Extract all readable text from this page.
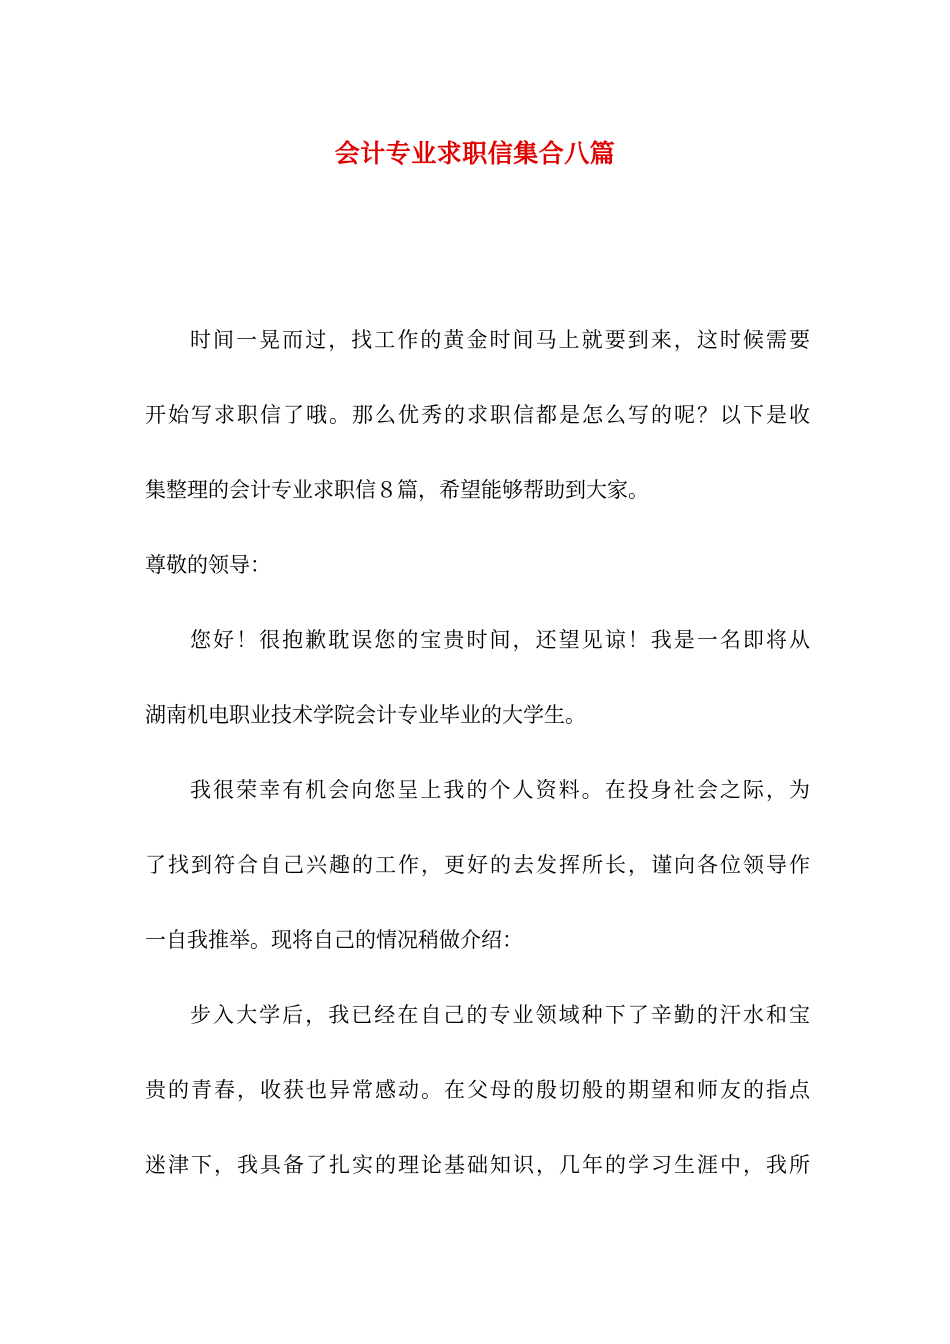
会计专业求职信集合八篇
时间一晃而过，找工作的黄金时间马上就要到来，这时候需要
开始写求职信了哦。那么优秀的求职信都是怎么写的呢？以下是收
集整理的会计专业求职信８篇，希望能够帮助到大家。
尊敬的领导：
您好！很抱歉耽误您的宝贵时间，还望见谅！我是一名即将从
湖南机电职业技术学院会计专业毕业的大学生。
我很荣幸有机会向您呈上我的个人资料。在投身社会之际，为
了找到符合自己兴趣的工作，更好的去发挥所长，谨向各位领导作
一自我推举。现将自己的情况稍做介绍：
步入大学后，我已经在自己的专业领域种下了辛勤的汗水和宝
贵的青春，收获也异常感动。在父母的殷切般的期望和师友的指点
迷津下，我具备了扎实的理论基础知识，几年的学习生涯中，我所
